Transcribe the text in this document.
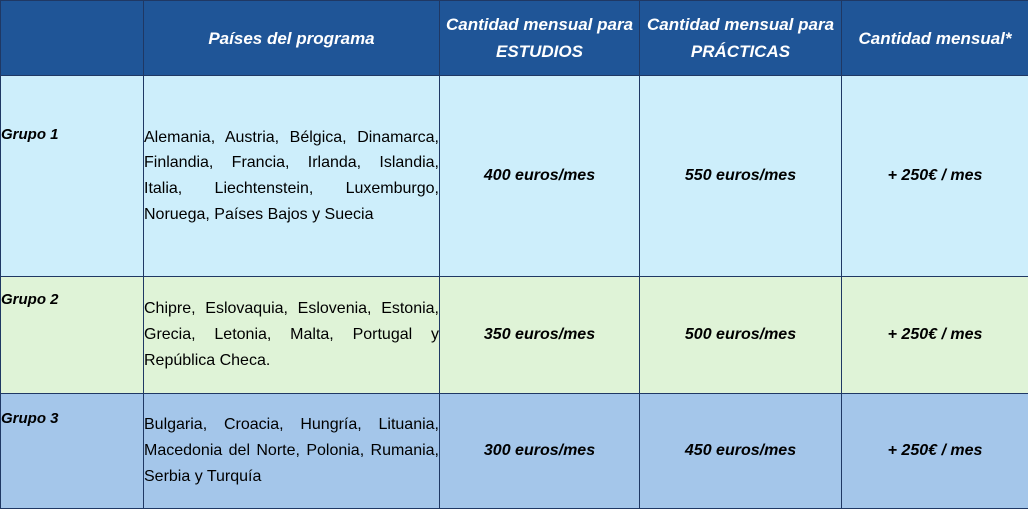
	Países del programa	Cantidad mensual para ESTUDIOS	Cantidad mensual para PRÁCTICAS	Cantidad mensual*
Grupo 1	Alemania, Austria, Bélgica, Dinamarca, Finlandia, Francia, Irlanda, Islandia, Italia, Liechtenstein, Luxemburgo, Noruega, Países Bajos y Suecia	400 euros/mes	550 euros/mes	+ 250€ / mes
Grupo 2	Chipre, Eslovaquia, Eslovenia, Estonia, Grecia, Letonia, Malta, Portugal y República Checa.	350 euros/mes	500 euros/mes	+ 250€ / mes
Grupo 3	Bulgaria, Croacia, Hungría, Lituania, Macedonia del Norte, Polonia, Rumania, Serbia y Turquía	300 euros/mes	450 euros/mes	+ 250€ / mes
